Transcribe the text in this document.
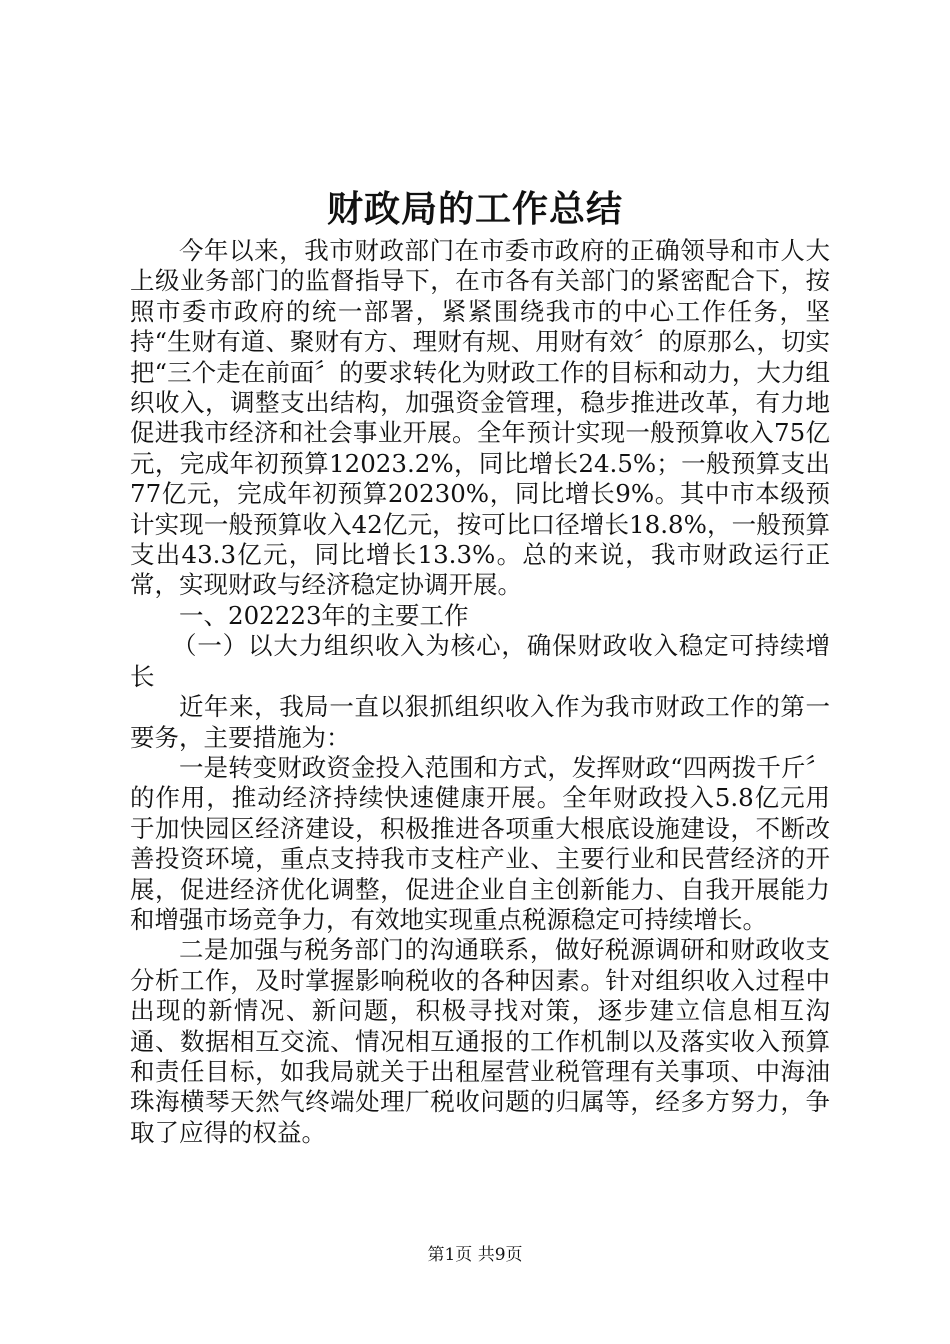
财政局的工作总结

今年以来，我市财政部门在市委市政府的正确领导和市人大上级业务部门的监督指导下，在市各有关部门的紧密配合下，按照市委市政府的统一部署，紧紧围绕我市的中心工作任务，坚持“生财有道、聚财有方、理财有规、用财有效〞的原那么，切实把“三个走在前面〞的要求转化为财政工作的目标和动力，大力组织收入，调整支出结构，加强资金管理，稳步推进改革，有力地促进我市经济和社会事业开展。全年预计实现一般预算收入75亿元，完成年初预算12023.2%，同比增长24.5%；一般预算支出77亿元，完成年初预算20230%，同比增长9%。其中市本级预计实现一般预算收入42亿元，按可比口径增长18.8%，一般预算支出43.3亿元，同比增长13.3%。总的来说，我市财政运行正常，实现财政与经济稳定协调开展。

一、202223年的主要工作

（一）以大力组织收入为核心，确保财政收入稳定可持续增长

近年来，我局一直以狠抓组织收入作为我市财政工作的第一要务，主要措施为：

一是转变财政资金投入范围和方式，发挥财政“四两拨千斤〞的作用，推动经济持续快速健康开展。全年财政投入5.8亿元用于加快园区经济建设，积极推进各项重大根底设施建设，不断改善投资环境，重点支持我市支柱产业、主要行业和民营经济的开展，促进经济优化调整，促进企业自主创新能力、自我开展能力和增强市场竞争力，有效地实现重点税源稳定可持续增长。

二是加强与税务部门的沟通联系，做好税源调研和财政收支分析工作，及时掌握影响税收的各种因素。针对组织收入过程中出现的新情况、新问题，积极寻找对策，逐步建立信息相互沟通、数据相互交流、情况相互通报的工作机制以及落实收入预算和责任目标，如我局就关于出租屋营业税管理有关事项、中海油珠海横琴天然气终端处理厂税收问题的归属等，经多方努力，争取了应得的权益。

第1页 共9页
